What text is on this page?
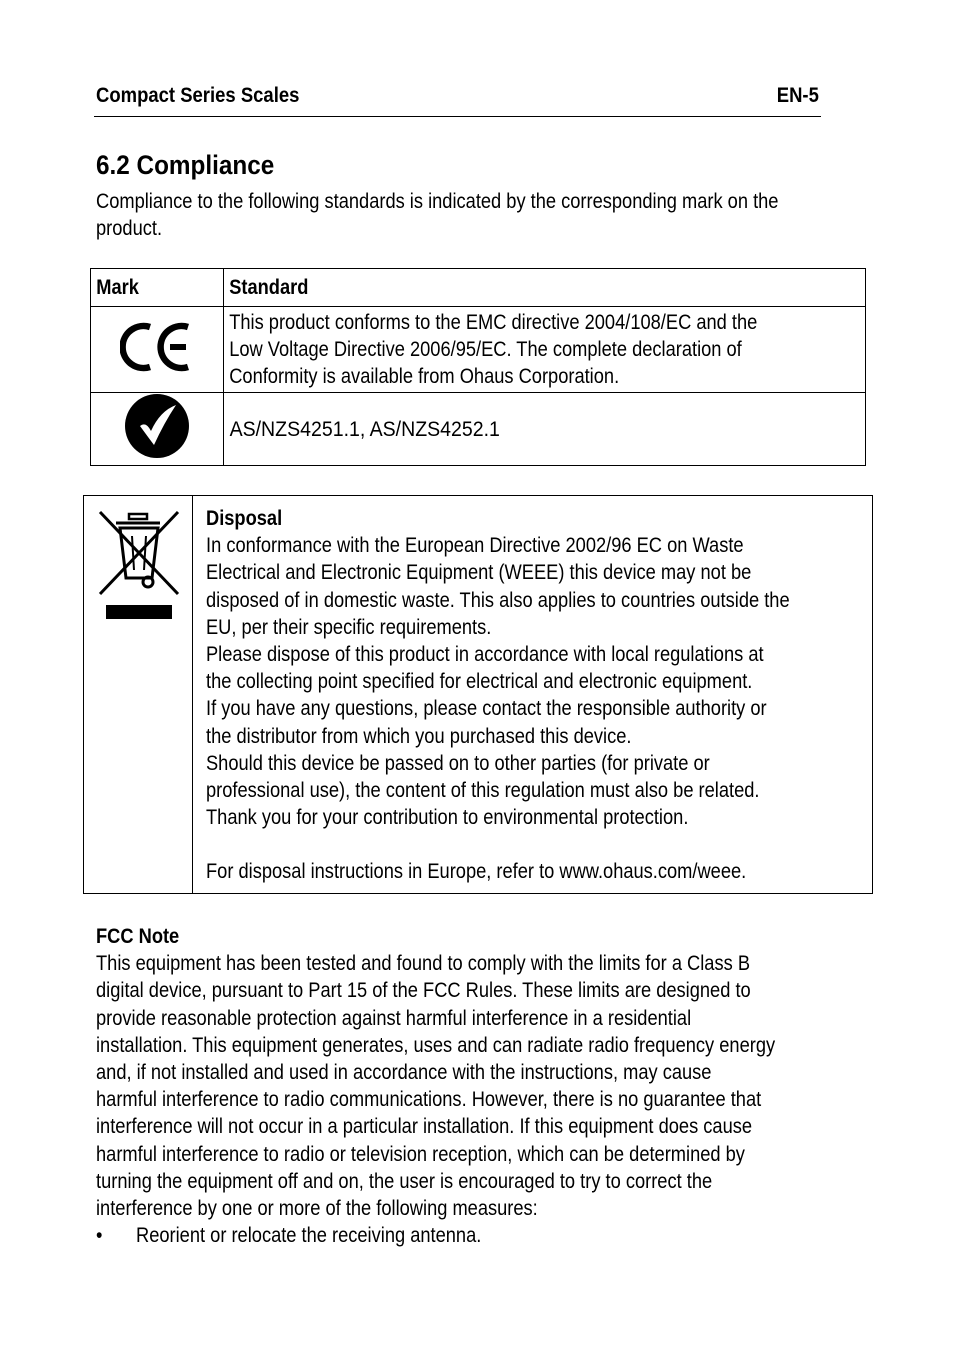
Compact Series Scales	EN-5
6.2 Compliance
Compliance to the following standards is indicated by the corresponding mark on the product.
Mark	Standard

This product conforms to the EMC directive 2004/108/EC and the
Low Voltage Directive 2006/95/EC. The complete declaration of
Conformity is available from Ohaus Corporation.

AS/NZS4251.1, AS/NZS4252.1

Disposal

In conformance with the European Directive 2002/96 EC on Waste

Electrical and Electronic Equipment (WEEE) this device may not be

disposed of in domestic waste. This also applies to countries outside the

EU, per their specific requirements.

Please dispose of this product in accordance with local regulations at

the collecting point specified for electrical and electronic equipment.

If you have any questions, please contact the responsible authority or

the distributor from which you purchased this device.

Should this device be passed on to other parties (for private or

professional use), the content of this regulation must also be related.

Thank you for your contribution to environmental protection.

For disposal instructions in Europe, refer to www.ohaus.com/weee.

FCC Note

This equipment has been tested and found to comply with the limits for a Class B

digital device, pursuant to Part 15 of the FCC Rules. These limits are designed to

provide reasonable protection against harmful interference in a residential

installation. This equipment generates, uses and can radiate radio frequency energy

and, if not installed and used in accordance with the instructions, may cause

harmful interference to radio communications. However, there is no guarantee that

interference will not occur in a particular installation. If this equipment does cause

harmful interference to radio or television reception, which can be determined by

turning the equipment off and on, the user is encouraged to try to correct the

interference by one or more of the following measures:

• Reorient or relocate the receiving antenna.
